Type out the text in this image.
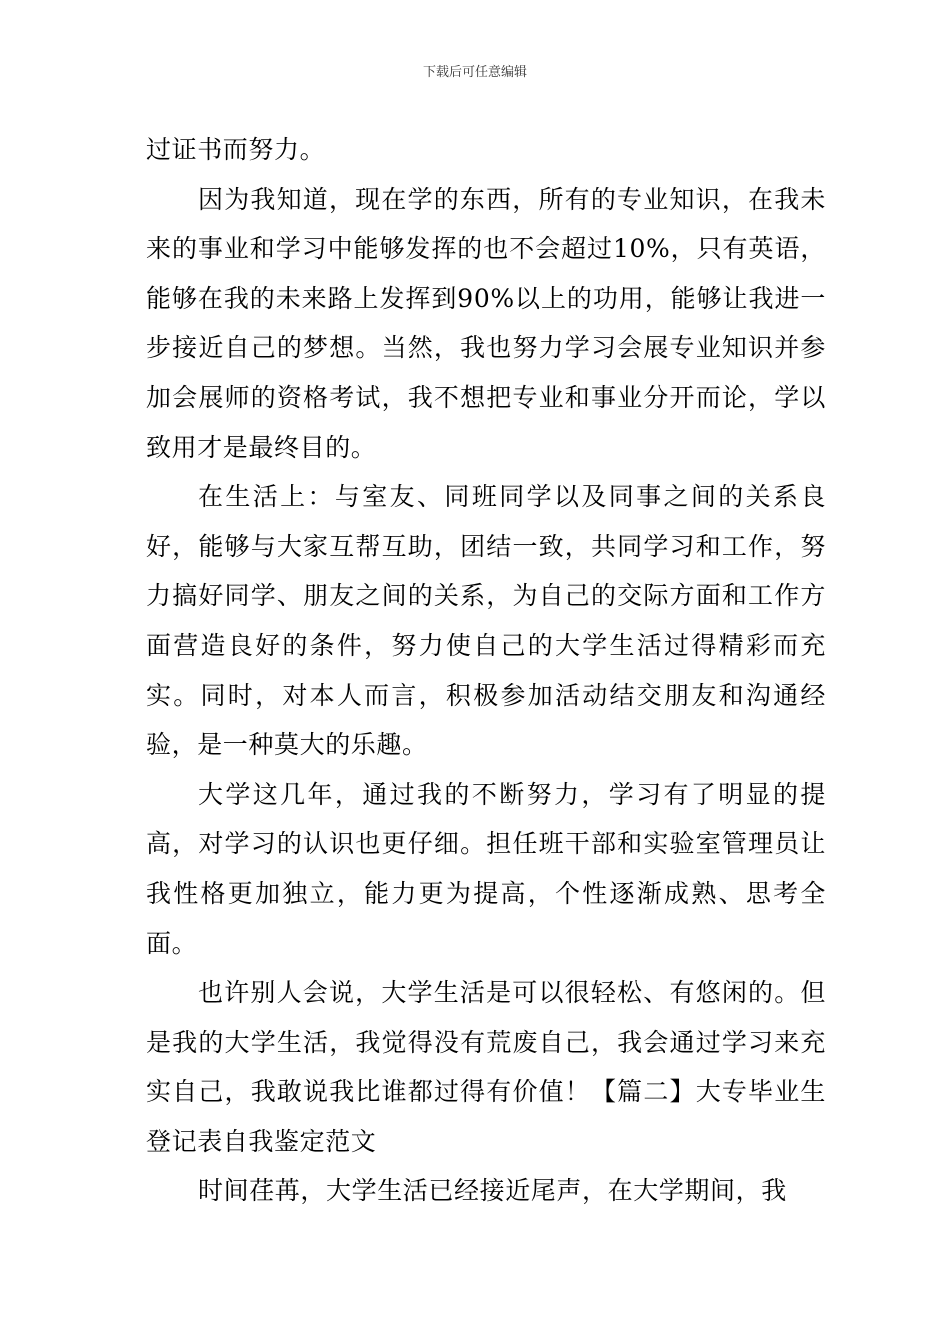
下载后可任意编辑

过证书而努力。

因为我知道，现在学的东西，所有的专业知识，在我未来的事业和学习中能够发挥的也不会超过10%，只有英语，能够在我的未来路上发挥到90%以上的功用，能够让我进一步接近自己的梦想。当然，我也努力学习会展专业知识并参加会展师的资格考试，我不想把专业和事业分开而论，学以致用才是最终目的。

在生活上：与室友、同班同学以及同事之间的关系良好，能够与大家互帮互助，团结一致，共同学习和工作，努力搞好同学、朋友之间的关系，为自己的交际方面和工作方面营造良好的条件，努力使自己的大学生活过得精彩而充实。同时，对本人而言，积极参加活动结交朋友和沟通经验，是一种莫大的乐趣。

大学这几年，通过我的不断努力，学习有了明显的提高，对学习的认识也更仔细。担任班干部和实验室管理员让我性格更加独立，能力更为提高，个性逐渐成熟、思考全面。

也许别人会说，大学生活是可以很轻松、有悠闲的。但是我的大学生活，我觉得没有荒废自己，我会通过学习来充实自己，我敢说我比谁都过得有价值！【篇二】大专毕业生登记表自我鉴定范文

时间荏苒，大学生活已经接近尾声，在大学期间，我
